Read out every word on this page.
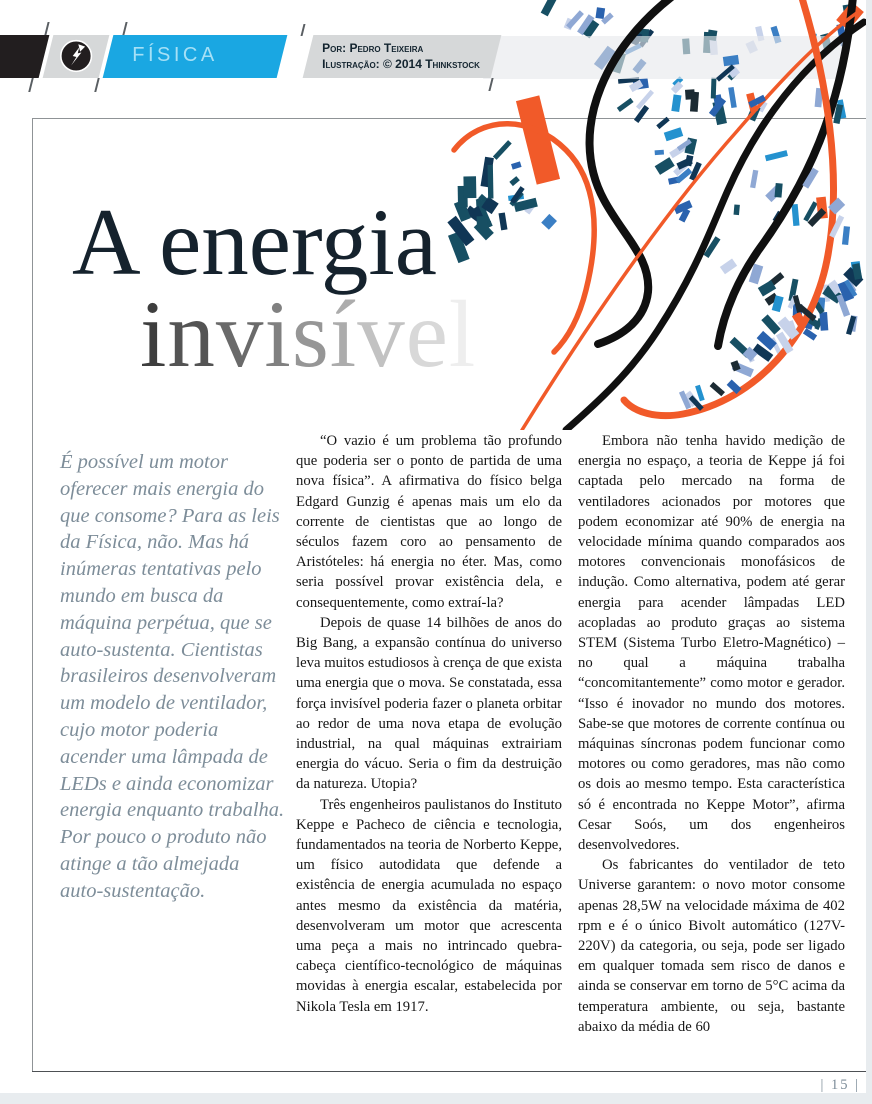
FÍSICA	Por: Pedro Teixeira
Ilustração: © 2014 Thinkstock
A energia
invisível
É possível um motor oferecer mais energia do que consome? Para as leis da Física, não. Mas há inúmeras tentativas pelo mundo em busca da máquina perpétua, que se auto-sustenta. Cientistas brasileiros desenvolveram um modelo de ventilador, cujo motor poderia acender uma lâmpada de LEDs e ainda economizar energia enquanto trabalha. Por pouco o produto não atinge a tão almejada auto-sustentação.

“O vazio é um problema tão profundo que poderia ser o ponto de partida de uma nova física”. A afirmativa do físico belga Edgard Gunzig é apenas mais um elo da corrente de cientistas que ao longo de séculos fazem coro ao pensamento de Aristóteles: há energia no éter. Mas, como seria possível provar existência dela, e consequentemente, como extraí-la?

Depois de quase 14 bilhões de anos do Big Bang, a expansão contínua do universo leva muitos estudiosos à crença de que exista uma energia que o mova. Se constatada, essa força invisível poderia fazer o planeta orbitar ao redor de uma nova etapa de evolução industrial, na qual máquinas extrairiam energia do vácuo. Seria o fim da destruição da natureza. Utopia?

Três engenheiros paulistanos do Instituto Keppe e Pacheco de ciência e tecnologia, fundamentados na teoria de Norberto Keppe, um físico autodidata que defende a existência de energia acumulada no espaço antes mesmo da existência da matéria, desenvolveram um motor que acrescenta uma peça a mais no intrincado quebra-cabeça científico-tecnológico de máquinas movidas à energia escalar, estabelecida por Nikola Tesla em 1917.

Embora não tenha havido medição de energia no espaço, a teoria de Keppe já foi captada pelo mercado na forma de ventiladores acionados por motores que podem economizar até 90% de energia na velocidade mínima quando comparados aos motores convencionais monofásicos de indução. Como alternativa, podem até gerar energia para acender lâmpadas LED acopladas ao produto graças ao sistema STEM (Sistema Turbo Eletro-Magnético) – no qual a máquina trabalha “concomitantemente” como motor e gerador. “Isso é inovador no mundo dos motores. Sabe-se que motores de corrente contínua ou máquinas síncronas podem funcionar como motores ou como geradores, mas não como os dois ao mesmo tempo. Esta característica só é encontrada no Keppe Motor”, afirma Cesar Soós, um dos engenheiros desenvolvedores.

Os fabricantes do ventilador de teto Universe garantem: o novo motor consome apenas 28,5W na velocidade máxima de 402 rpm e é o único Bivolt automático (127V-220V) da categoria, ou seja, pode ser ligado em qualquer tomada sem risco de danos e ainda se conservar em torno de 5°C acima da temperatura ambiente, ou seja, bastante abaixo da média de 60

| 15 |
